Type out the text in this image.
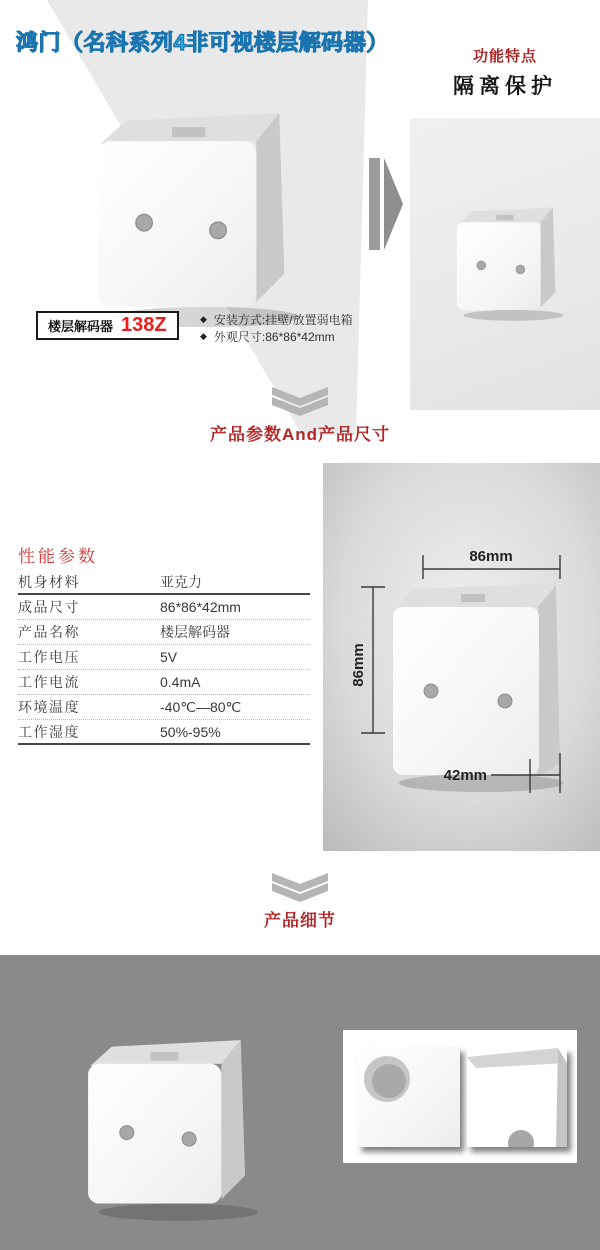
鸿门（名科系列4非可视楼层解码器）
功能特点
隔离保护
楼层解码器 138Z	◆ 安装方式:挂壁/放置弱电箱
◆ 外观尺寸:86*86*42mm
产品参数And产品尺寸
性能参数
机身材料	亚克力
成品尺寸	86*86*42mm
产品名称	楼层解码器
工作电压	5V
工作电流	0.4mA
环境温度	-40℃—80℃
工作湿度	50%-95%
86mm
86mm
42mm
产品细节
